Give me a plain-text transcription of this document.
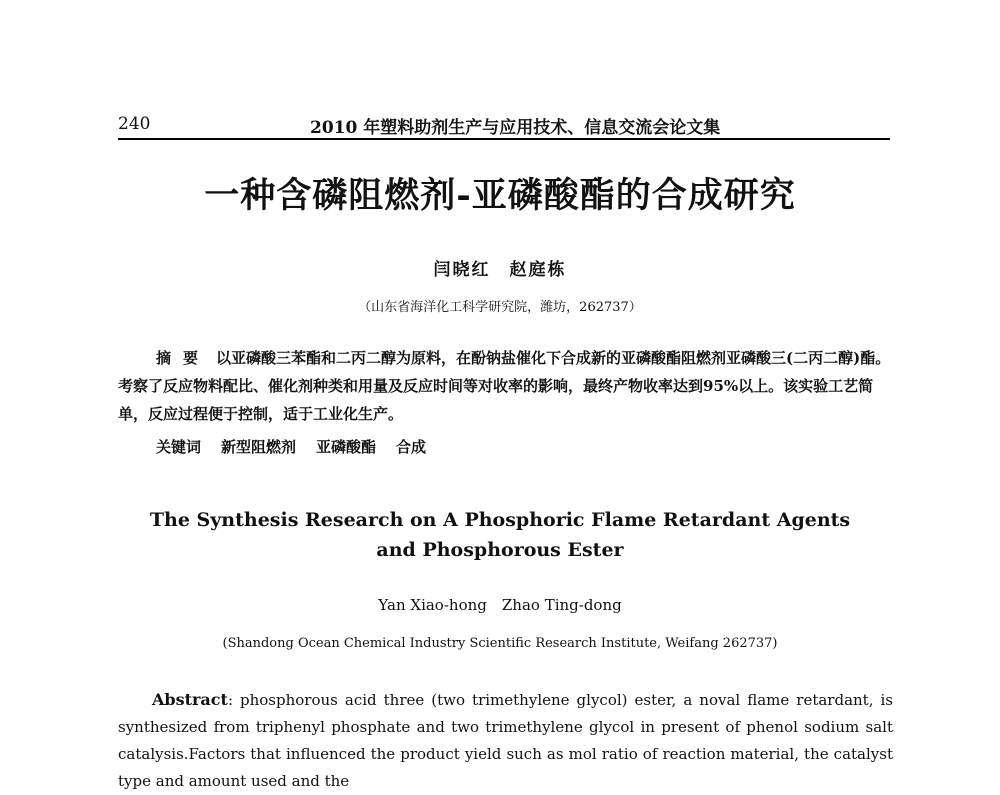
240	2010 年塑料助剂生产与应用技术、信息交流会论文集
一种含磷阻燃剂-亚磷酸酯的合成研究
闫晓红　赵庭栋
（山东省海洋化工科学研究院，潍坊，262737）
摘要 以亚磷酸三苯酯和二丙二醇为原料，在酚钠盐催化下合成新的亚磷酸酯阻燃剂亚磷酸三(二丙二醇)酯。考察了反应物料配比、催化剂种类和用量及反应时间等对收率的影响，最终产物收率达到95%以上。该实验工艺简单，反应过程便于控制，适于工业化生产。
关键词 新型阻燃剂 亚磷酸酯 合成
The Synthesis Research on A Phosphoric Flame Retardant Agents
and Phosphorous Ester
Yan Xiao-hong　Zhao Ting-dong
(Shandong Ocean Chemical Industry Scientific Research Institute, Weifang 262737)
Abstract: phosphorous acid three (two trimethylene glycol) ester, a noval flame retardant, is synthesized from triphenyl phosphate and two trimethylene glycol in present of phenol sodium salt catalysis.Factors that influenced the product yield such as mol ratio of reaction material, the catalyst type and amount used and the
